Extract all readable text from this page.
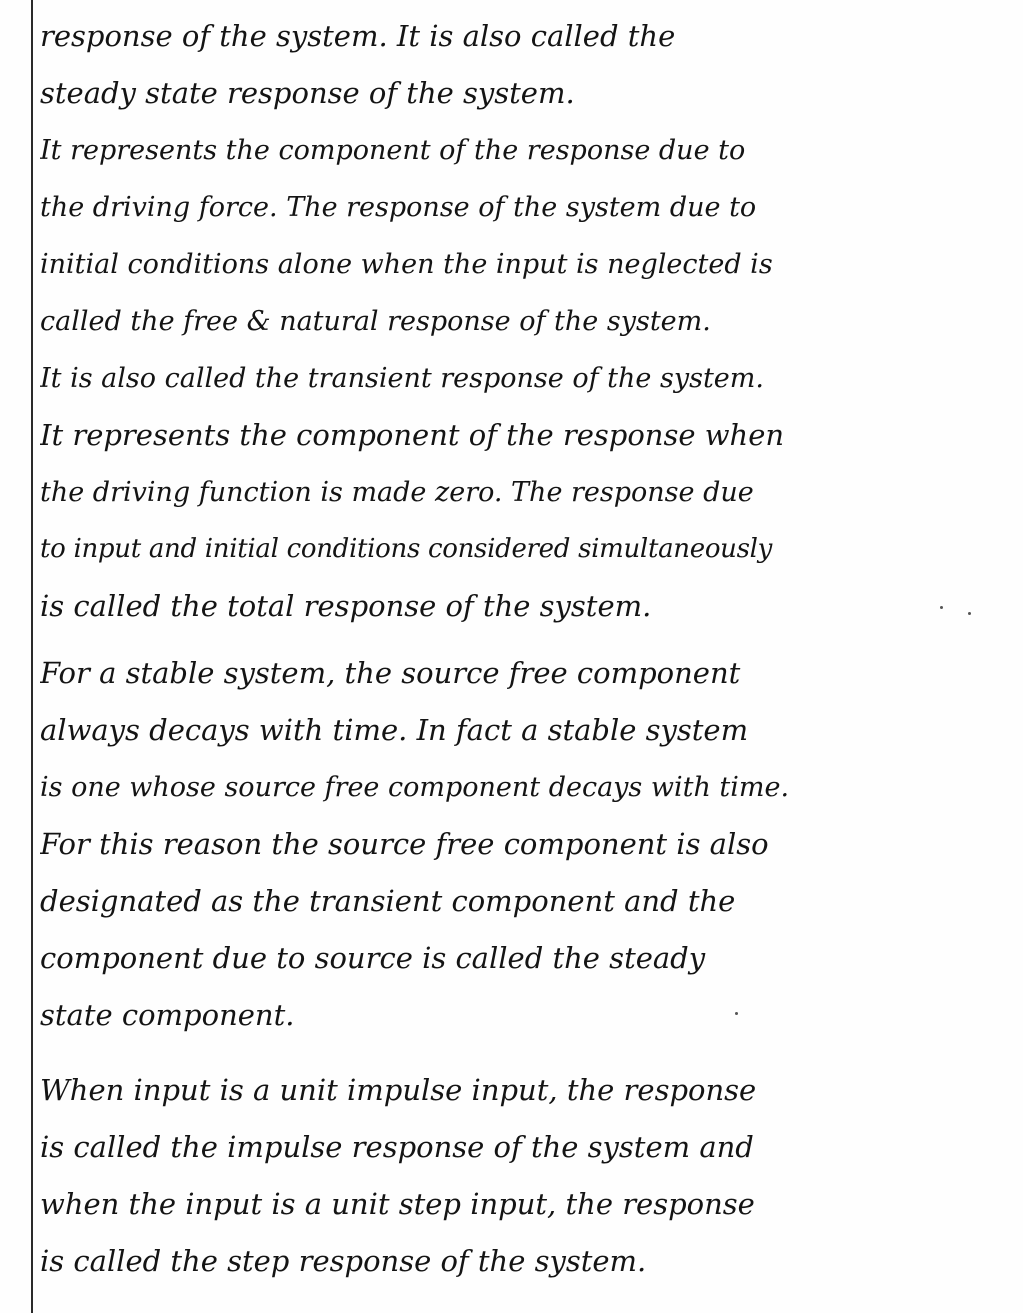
response of the system. It is also called the
steady state response of the system.
It represents the component of the response due to
the driving force. The response of the system due to
initial conditions alone when the input is neglected is
called the free & natural response of the system.
It is also called the transient response of the system.
It represents the component of the response when
the driving function is made zero. The response due
to input and initial conditions considered simultaneously
is called the total response of the system.
For a stable system, the source free component
always decays with time. In fact a stable system
is one whose source free component decays with time.
For this reason the source free component is also
designated as the transient component and the
component due to source is called the steady
state component.
When input is a unit impulse input, the response
is called the impulse response of the system and
when the input is a unit step input, the response
is called the step response of the system.
